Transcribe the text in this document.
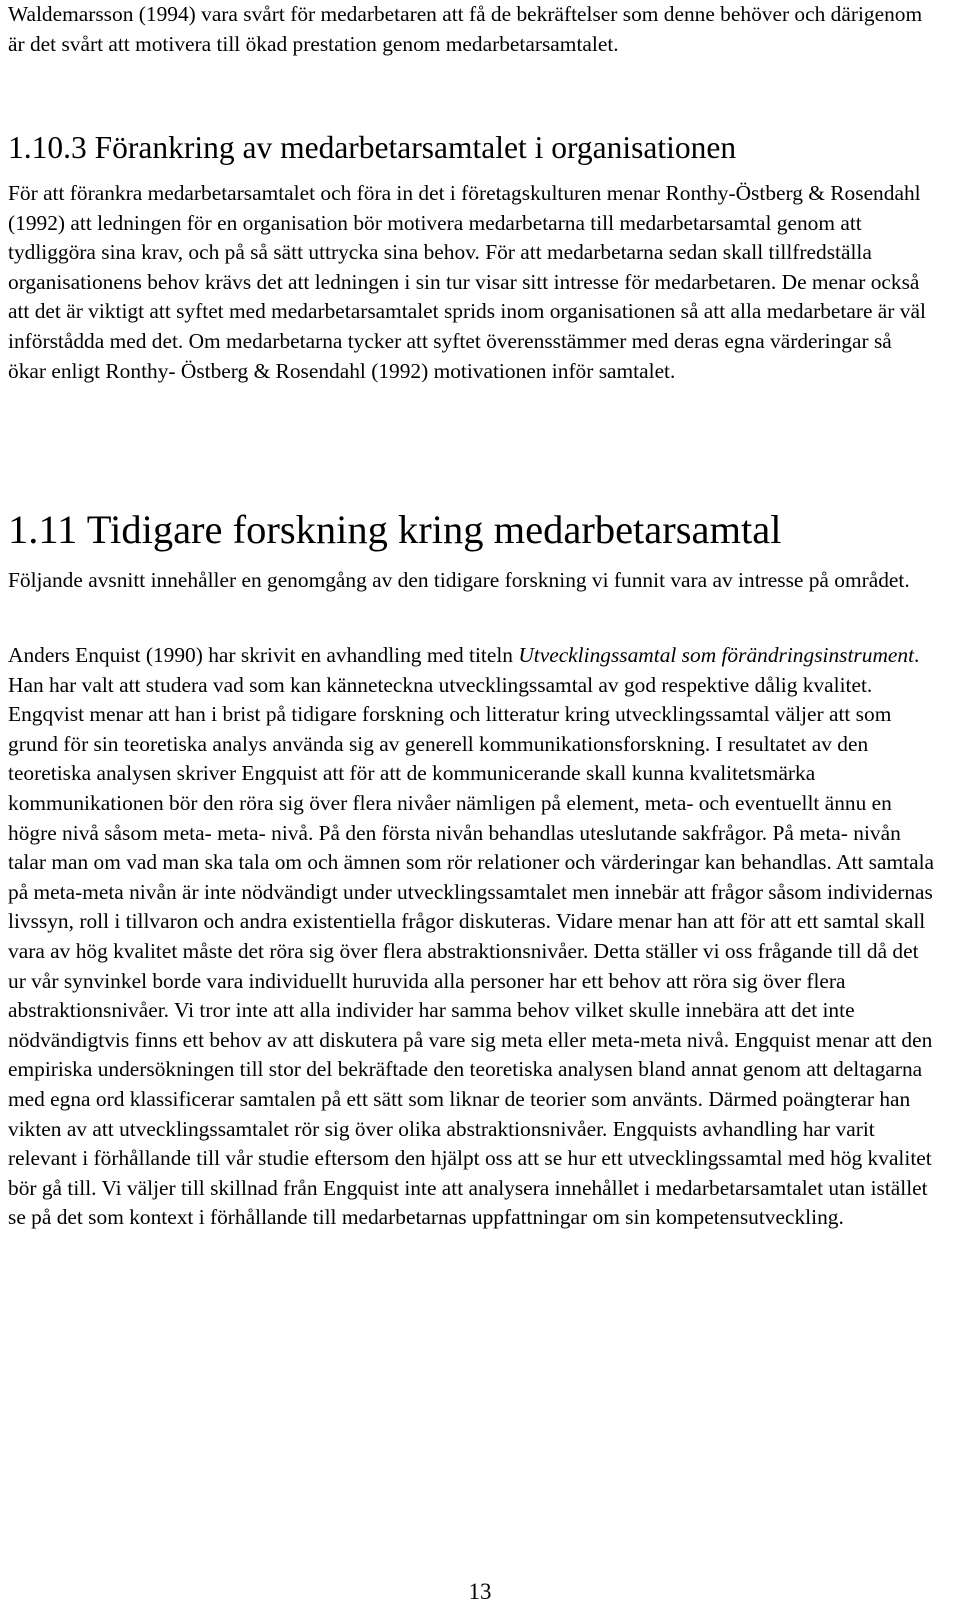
Waldemarsson (1994) vara svårt för medarbetaren att få de bekräftelser som denne behöver och därigenom är det svårt att motivera till ökad prestation genom medarbetarsamtalet.

1.10.3 Förankring av medarbetarsamtalet i organisationen

För att förankra medarbetarsamtalet och föra in det i företagskulturen menar Ronthy-Östberg & Rosendahl (1992) att ledningen för en organisation bör motivera medarbetarna till medarbetarsamtal genom att tydliggöra sina krav, och på så sätt uttrycka sina behov. För att medarbetarna sedan skall tillfredställa organisationens behov krävs det att ledningen i sin tur visar sitt intresse för medarbetaren. De menar också att det är viktigt att syftet med medarbetarsamtalet sprids inom organisationen så att alla medarbetare är väl införstådda med det. Om medarbetarna tycker att syftet överensstämmer med deras egna värderingar så ökar enligt Ronthy- Östberg & Rosendahl (1992) motivationen inför samtalet.

1.11 Tidigare forskning kring medarbetarsamtal

Följande avsnitt innehåller en genomgång av den tidigare forskning vi funnit vara av intresse på området.

Anders Enquist (1990) har skrivit en avhandling med titeln Utvecklingssamtal som förändringsinstrument. Han har valt att studera vad som kan känneteckna utvecklingssamtal av god respektive dålig kvalitet. Engqvist menar att han i brist på tidigare forskning och litteratur kring utvecklingssamtal väljer att som grund för sin teoretiska analys använda sig av generell kommunikationsforskning. I resultatet av den teoretiska analysen skriver Engquist att för att de kommunicerande skall kunna kvalitetsmärka kommunikationen bör den röra sig över flera nivåer nämligen på element, meta- och eventuellt ännu en högre nivå såsom meta- meta- nivå. På den första nivån behandlas uteslutande sakfrågor. På meta- nivån talar man om vad man ska tala om och ämnen som rör relationer och värderingar kan behandlas. Att samtala på meta-meta nivån är inte nödvändigt under utvecklingssamtalet men innebär att frågor såsom individernas livssyn, roll i tillvaron och andra existentiella frågor diskuteras. Vidare menar han att för att ett samtal skall vara av hög kvalitet måste det röra sig över flera abstraktionsnivåer. Detta ställer vi oss frågande till då det ur vår synvinkel borde vara individuellt huruvida alla personer har ett behov att röra sig över flera abstraktionsnivåer. Vi tror inte att alla individer har samma behov vilket skulle innebära att det inte nödvändigtvis finns ett behov av att diskutera på vare sig meta eller meta-meta nivå. Engquist menar att den empiriska undersökningen till stor del bekräftade den teoretiska analysen bland annat genom att deltagarna med egna ord klassificerar samtalen på ett sätt som liknar de teorier som använts. Därmed poängterar han vikten av att utvecklingssamtalet rör sig över olika abstraktionsnivåer. Engquists avhandling har varit relevant i förhållande till vår studie eftersom den hjälpt oss att se hur ett utvecklingssamtal med hög kvalitet bör gå till. Vi väljer till skillnad från Engquist inte att analysera innehållet i medarbetarsamtalet utan istället se på det som kontext i förhållande till medarbetarnas uppfattningar om sin kompetensutveckling.

13
